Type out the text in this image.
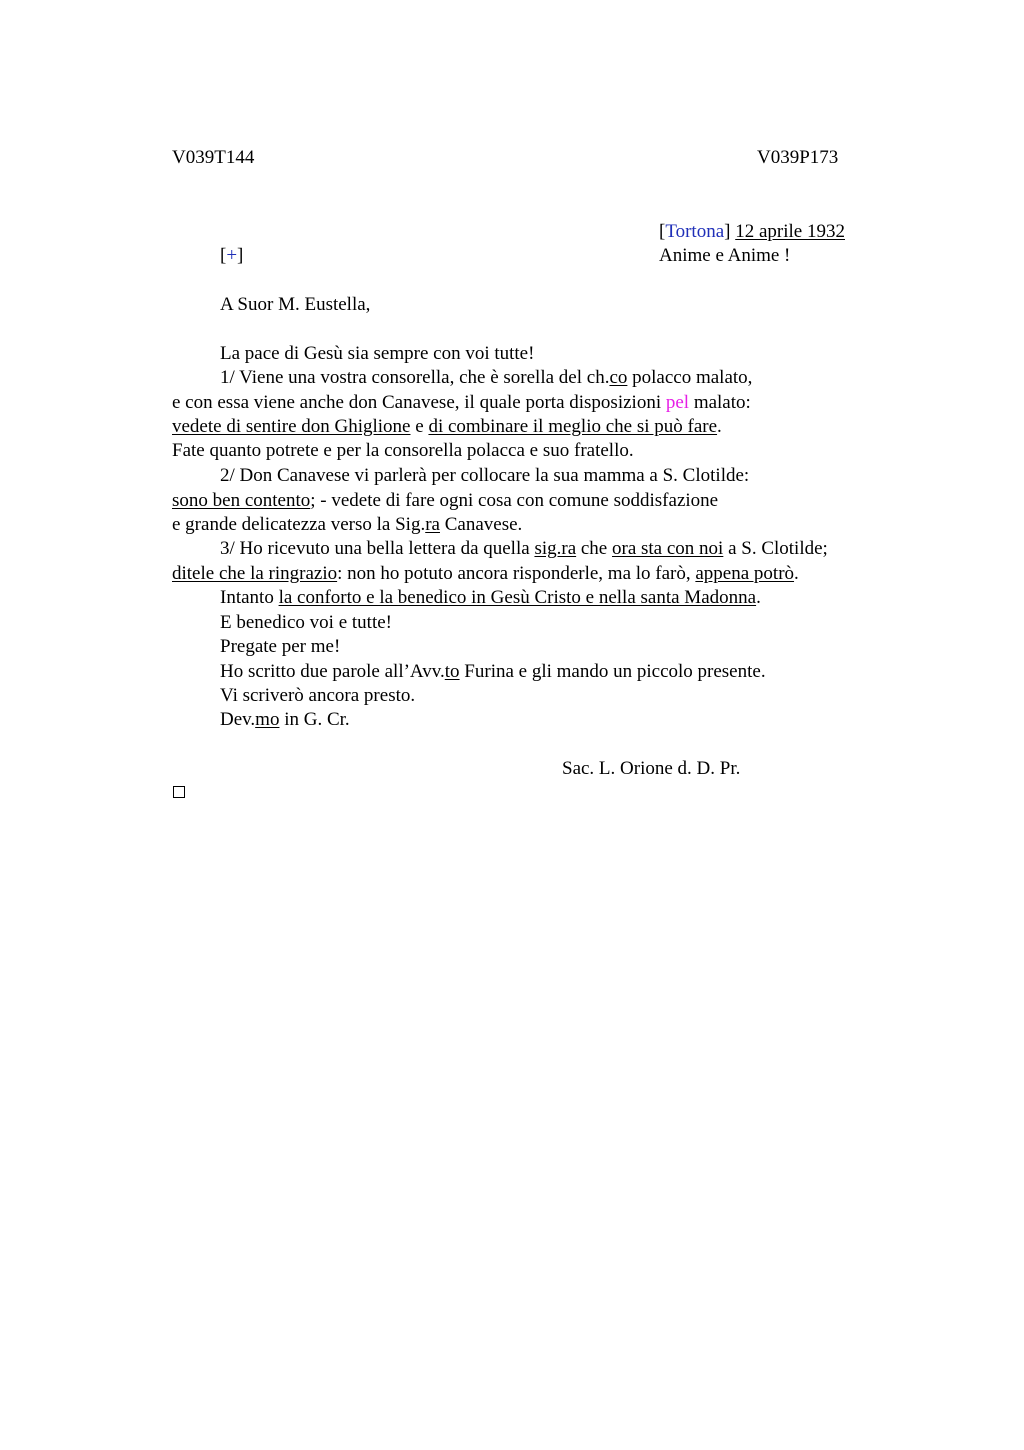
V039T144	V039P173
[Tortona] 12 aprile 1932
Anime e Anime !
[+]
A Suor M. Eustella,
La pace di Gesù sia sempre con voi tutte!
1/ Viene una vostra consorella, che è sorella del ch.co polacco malato,
e con essa viene anche don Canavese, il quale porta disposizioni pel malato:
vedete di sentire don Ghiglione e di combinare il meglio che si può fare.
Fate quanto potrete e per la consorella polacca e suo fratello.
2/ Don Canavese vi parlerà per collocare la sua mamma a S. Clotilde:
sono ben contento; - vedete di fare ogni cosa con comune soddisfazione
e grande delicatezza verso la Sig.ra Canavese.
3/ Ho ricevuto una bella lettera da quella sig.ra che ora sta con noi a S. Clotilde;
ditele che la ringrazio: non ho potuto ancora risponderle, ma lo farò, appena potrò.
Intanto la conforto e la benedico in Gesù Cristo e nella santa Madonna.
E benedico voi e tutte!
Pregate per me!
Ho scritto due parole all’Avv.to Furina e gli mando un piccolo presente.
Vi scriverò ancora presto.
Dev.mo in G. Cr.
Sac. L. Orione d. D. Pr.
